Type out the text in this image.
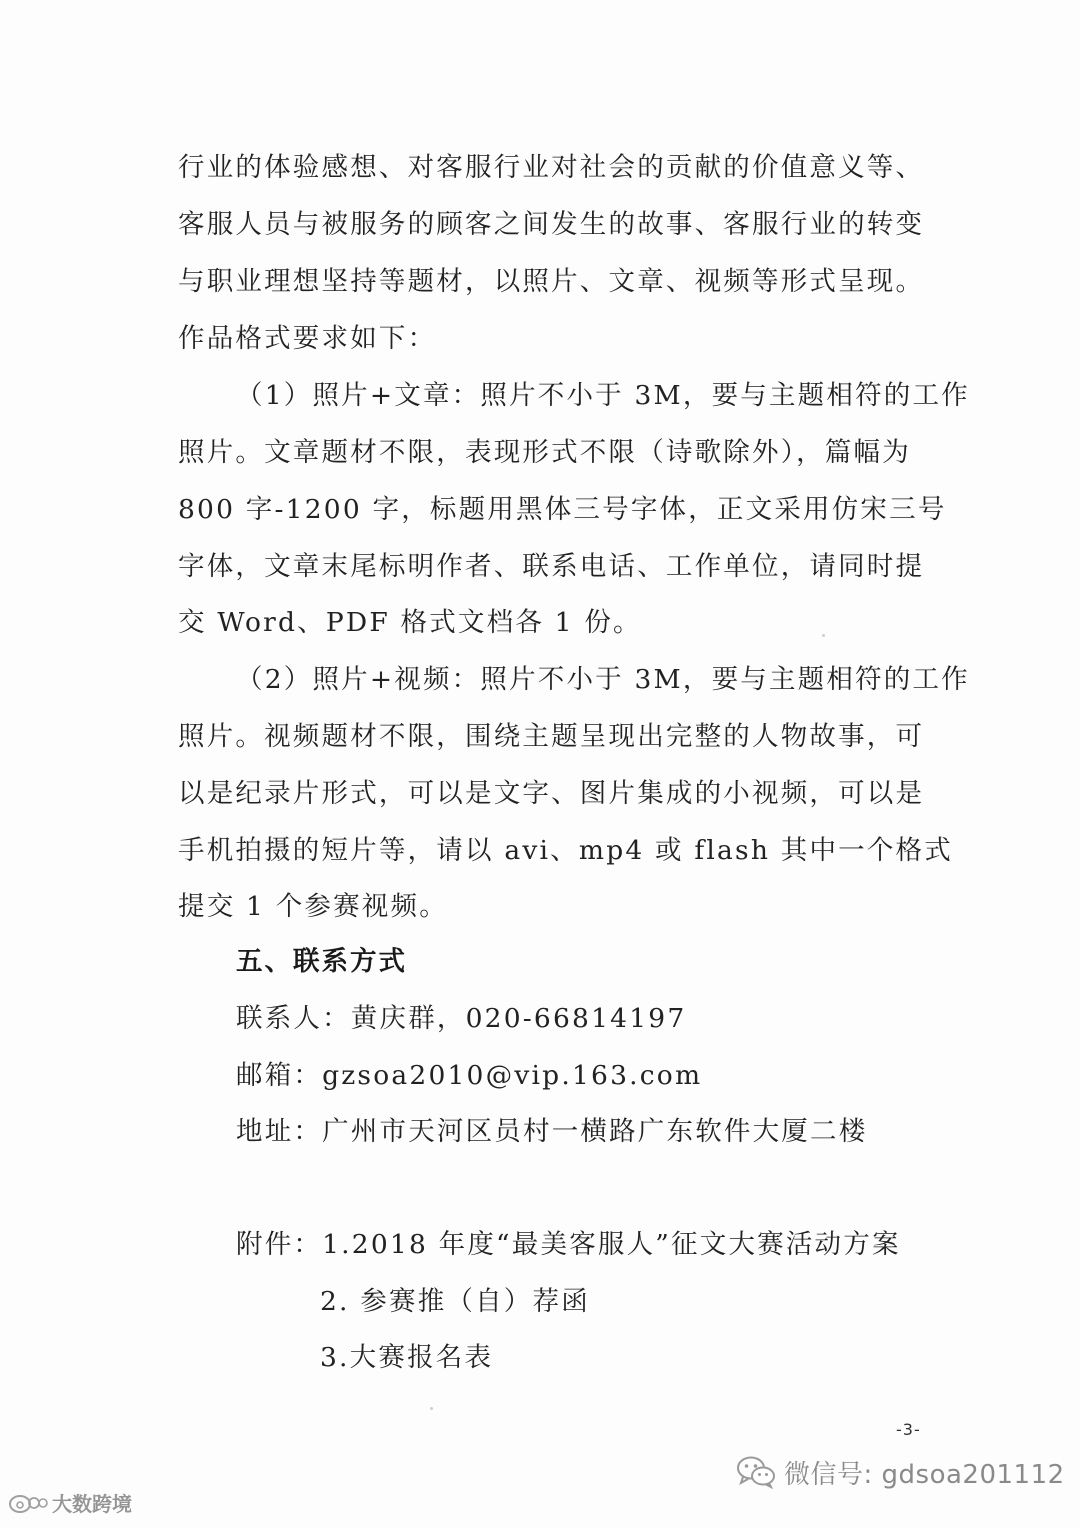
行业的体验感想、对客服行业对社会的贡献的价值意义等、
客服人员与被服务的顾客之间发生的故事、客服行业的转变
与职业理想坚持等题材，以照片、文章、视频等形式呈现。
作品格式要求如下：
（1）照片+文章：照片不小于 3M，要与主题相符的工作
照片。文章题材不限，表现形式不限（诗歌除外），篇幅为
800 字-1200 字，标题用黑体三号字体，正文采用仿宋三号
字体，文章末尾标明作者、联系电话、工作单位，请同时提
交 Word、PDF 格式文档各 1 份。
（2）照片+视频：照片不小于 3M，要与主题相符的工作
照片。视频题材不限，围绕主题呈现出完整的人物故事，可
以是纪录片形式，可以是文字、图片集成的小视频，可以是
手机拍摄的短片等，请以 avi、mp4 或 flash 其中一个格式
提交 1 个参赛视频。
五、联系方式
联系人：黄庆群，020-66814197
邮箱：gzsoa2010@vip.163.com
地址：广州市天河区员村一横路广东软件大厦二楼
附件：1.2018 年度“最美客服人”征文大赛活动方案
2. 参赛推（自）荐函
3.大赛报名表
-3-
微信号: gdsoa201112
大数跨境
